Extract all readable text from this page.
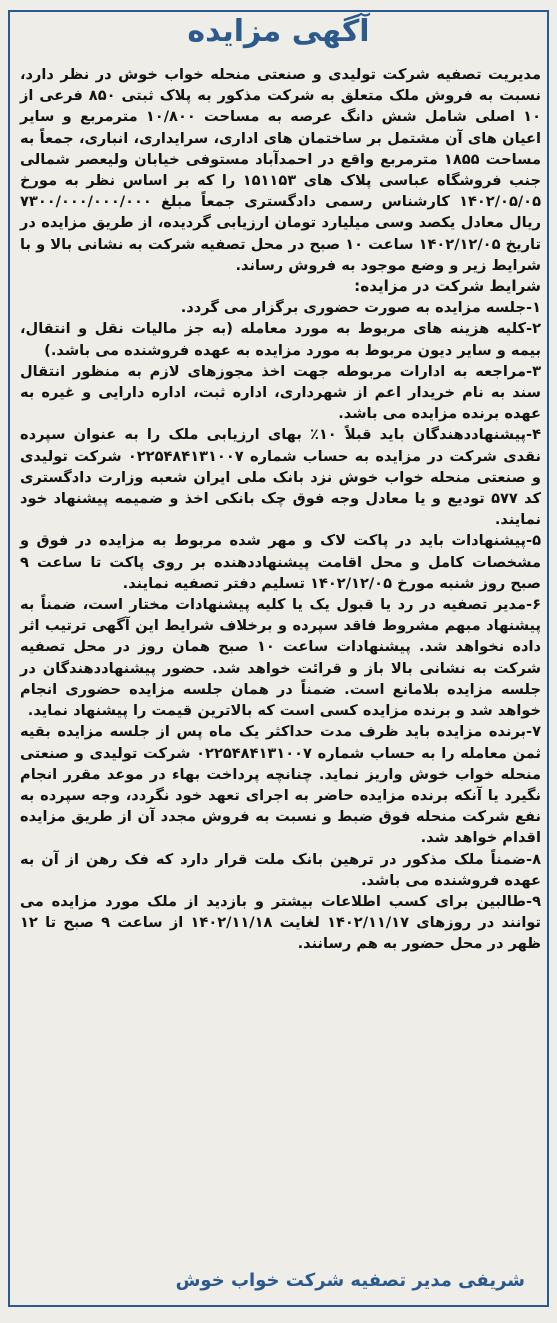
آگهی مزایده

مدیریت تصفیه شرکت تولیدی و صنعتی منحله خواب خوش در نظر دارد، نسبت به فروش ملک متعلق به شرکت مذکور به پلاک ثبتی ۸۵۰ فرعی از ۱۰ اصلی شامل شش دانگ عرصه به مساحت ۱۰/۸۰۰ مترمربع و سایر اعیان های آن مشتمل بر ساختمان های اداری، سرایداری، انباری، جمعاً به مساحت ۱۸۵۵ مترمربع واقع در احمدآباد مستوفی خیابان ولیعصر شمالی جنب فروشگاه عباسی پلاک های ۱۵۱۱۵۳ را که بر اساس نظر به مورخ ۱۴۰۲/۰۵/۰۵ کارشناس رسمی دادگستری جمعاً مبلغ ۷۳۰۰/۰۰۰/۰۰۰/۰۰۰ ریال معادل یکصد وسی میلیارد تومان ارزیابی گردیده، از طریق مزایده در تاریخ ۱۴۰۲/۱۲/۰۵ ساعت ۱۰ صبح در محل تصفیه شرکت به نشانی بالا و با شرایط زیر و وضع موجود به فروش رساند.

شرایط شرکت در مزایده:

۱-جلسه مزایده به صورت حضوری برگزار می گردد.

۲-کلیه هزینه های مربوط به مورد معامله (به جز مالیات نقل و انتقال، بیمه و سایر دیون مربوط به مورد مزایده به عهده فروشنده می باشد.)

۳-مراجعه به ادارات مربوطه جهت اخذ مجوزهای لازم به منظور انتقال سند به نام خریدار اعم از شهرداری، اداره ثبت، اداره دارایی و غیره به عهده برنده مزایده می باشد.

۴-پیشنهاددهندگان باید قبلاً ۱۰٪ بهای ارزیابی ملک را به عنوان سپرده نقدی شرکت در مزایده به حساب شماره ۰۲۲۵۴۸۴۱۳۱۰۰۷ شرکت تولیدی و صنعتی منحله خواب خوش نزد بانک ملی ایران شعبه وزارت دادگستری کد ۵۷۷ تودیع و یا معادل وجه فوق چک بانکی اخذ و ضمیمه پیشنهاد خود نمایند.

۵-پیشنهادات باید در پاکت لاک و مهر شده مربوط به مزایده در فوق و مشخصات کامل و محل اقامت پیشنهاددهنده بر روی پاکت تا ساعت ۹ صبح روز شنبه مورخ ۱۴۰۲/۱۲/۰۵ تسلیم دفتر تصفیه نمایند.

۶-مدیر تصفیه در رد یا قبول یک یا کلیه پیشنهادات مختار است، ضمناً به پیشنهاد مبهم مشروط فاقد سپرده و برخلاف شرایط این آگهی ترتیب اثر داده نخواهد شد. پیشنهادات ساعت ۱۰ صبح همان روز در محل تصفیه شرکت به نشانی بالا باز و قرائت خواهد شد. حضور پیشنهاددهندگان در جلسه مزایده بلامانع است. ضمناً در همان جلسه مزایده حضوری انجام خواهد شد و برنده مزایده کسی است که بالاترین قیمت را پیشنهاد نماید.

۷-برنده مزایده باید ظرف مدت حداکثر یک ماه پس از جلسه مزایده بقیه ثمن معامله را به حساب شماره ۰۲۲۵۴۸۴۱۳۱۰۰۷ شرکت تولیدی و صنعتی منحله خواب خوش واریز نماید. چنانچه پرداخت بهاء در موعد مقرر انجام نگیرد یا آنکه برنده مزایده حاضر به اجرای تعهد خود نگردد، وجه سپرده به نفع شرکت منحله فوق ضبط و نسبت به فروش مجدد آن از طریق مزایده اقدام خواهد شد.

۸-ضمناً ملک مذکور در ترهین بانک ملت قرار دارد که فک رهن از آن به عهده فروشنده می باشد.

۹-طالبین برای کسب اطلاعات بیشتر و بازدید از ملک مورد مزایده می توانند در روزهای ۱۴۰۲/۱۱/۱۷ لغایت ۱۴۰۲/۱۱/۱۸ از ساعت ۹ صبح تا ۱۲ ظهر در محل حضور به هم رسانند.

شریفی مدیر تصفیه شرکت خواب خوش
